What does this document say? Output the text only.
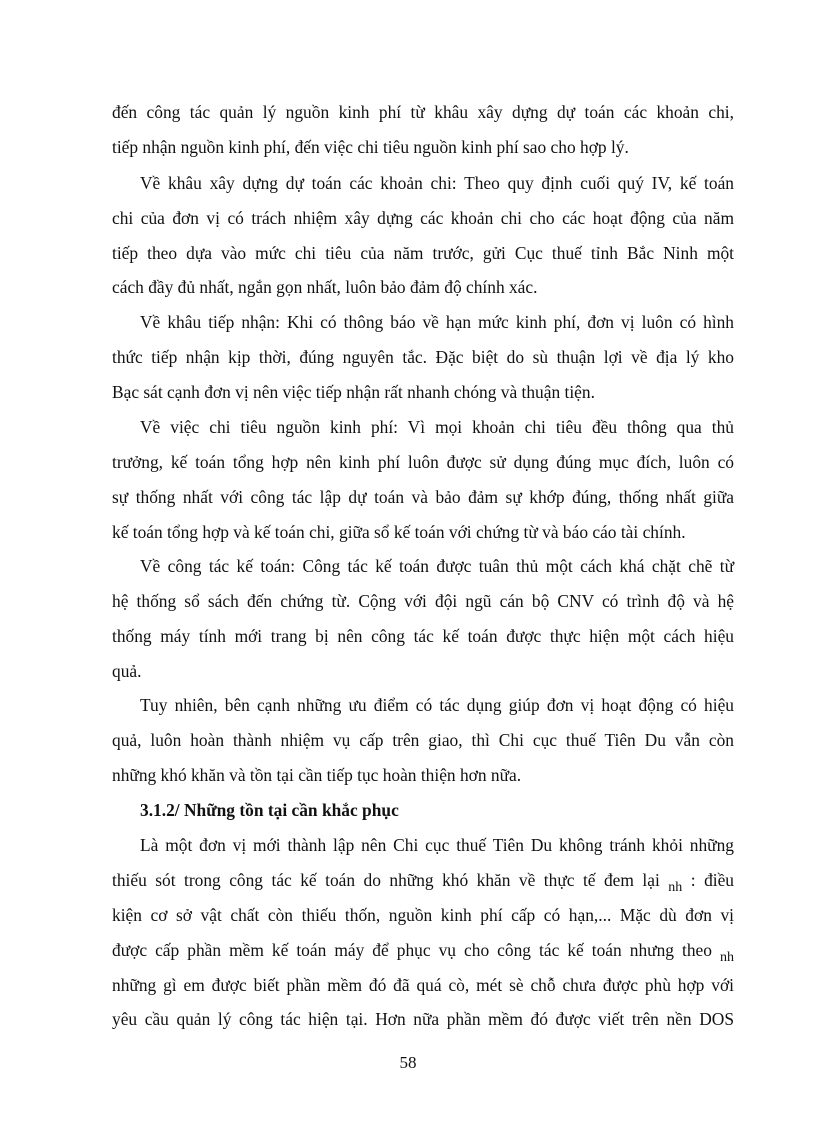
đến công tác quản lý nguồn kinh phí từ khâu xây dựng dự toán các khoản chi,
tiếp nhận nguồn kinh phí, đến việc chi tiêu nguồn kinh phí sao cho hợp lý.
Về khâu xây dựng dự toán các khoản chi: Theo quy định cuối quý IV, kế toán
chi của đơn vị có trách nhiệm xây dựng các khoản chi cho các hoạt động của năm
tiếp theo dựa vào mức chi tiêu của năm trước, gửi Cục thuế tỉnh Bắc Ninh một
cách đầy đủ nhất, ngắn gọn nhất, luôn bảo đảm độ chính xác.
Về khâu tiếp nhận: Khi có thông báo về hạn mức kinh phí, đơn vị luôn có hình
thức tiếp nhận kịp thời, đúng nguyên tắc. Đặc biệt do sù thuận lợi về địa lý kho
Bạc sát cạnh đơn vị nên việc tiếp nhận rất nhanh chóng và thuận tiện.
Về việc chi tiêu nguồn kinh phí: Vì mọi khoản chi tiêu đều thông qua thủ
trưởng, kế toán tổng hợp nên kinh phí luôn được sử dụng đúng mục đích, luôn có
sự thống nhất với công tác lập dự toán và bảo đảm sự khớp đúng, thống nhất giữa
kế toán tổng hợp và kế toán chi, giữa sổ kế toán với chứng từ và báo cáo tài chính.
Về công tác kế toán: Công tác kế toán được tuân thủ một cách khá chặt chẽ từ
hệ thống sổ sách đến chứng từ. Cộng với đội ngũ cán bộ CNV có trình độ và hệ
thống máy tính mới trang bị nên công tác kế toán được thực hiện một cách hiệu
quả.
Tuy nhiên, bên cạnh những ưu điểm có tác dụng giúp đơn vị hoạt động có hiệu
quả, luôn hoàn thành nhiệm vụ cấp trên giao, thì Chi cục thuế Tiên Du vẫn còn
những khó khăn và tồn tại cần tiếp tục hoàn thiện hơn nữa.
3.1.2/ Những tồn tại cần khắc phục
Là một đơn vị mới thành lập nên Chi cục thuế Tiên Du không tránh khỏi những
thiếu sót trong công tác kế toán do những khó khăn về thực tế đem lại $_{nh}$ : điều
kiện cơ sở vật chất còn thiếu thốn, nguồn kinh phí cấp có hạn,... Mặc dù đơn vị
được cấp phần mềm kế toán máy để phục vụ cho công tác kế toán nhưng theo $_{nh}$
những gì em được biết phần mềm đó đã quá cò, mét sè chỗ chưa được phù hợp với
yêu cầu quản lý công tác hiện tại. Hơn nữa phần mềm đó được viết trên nền DOS
58
